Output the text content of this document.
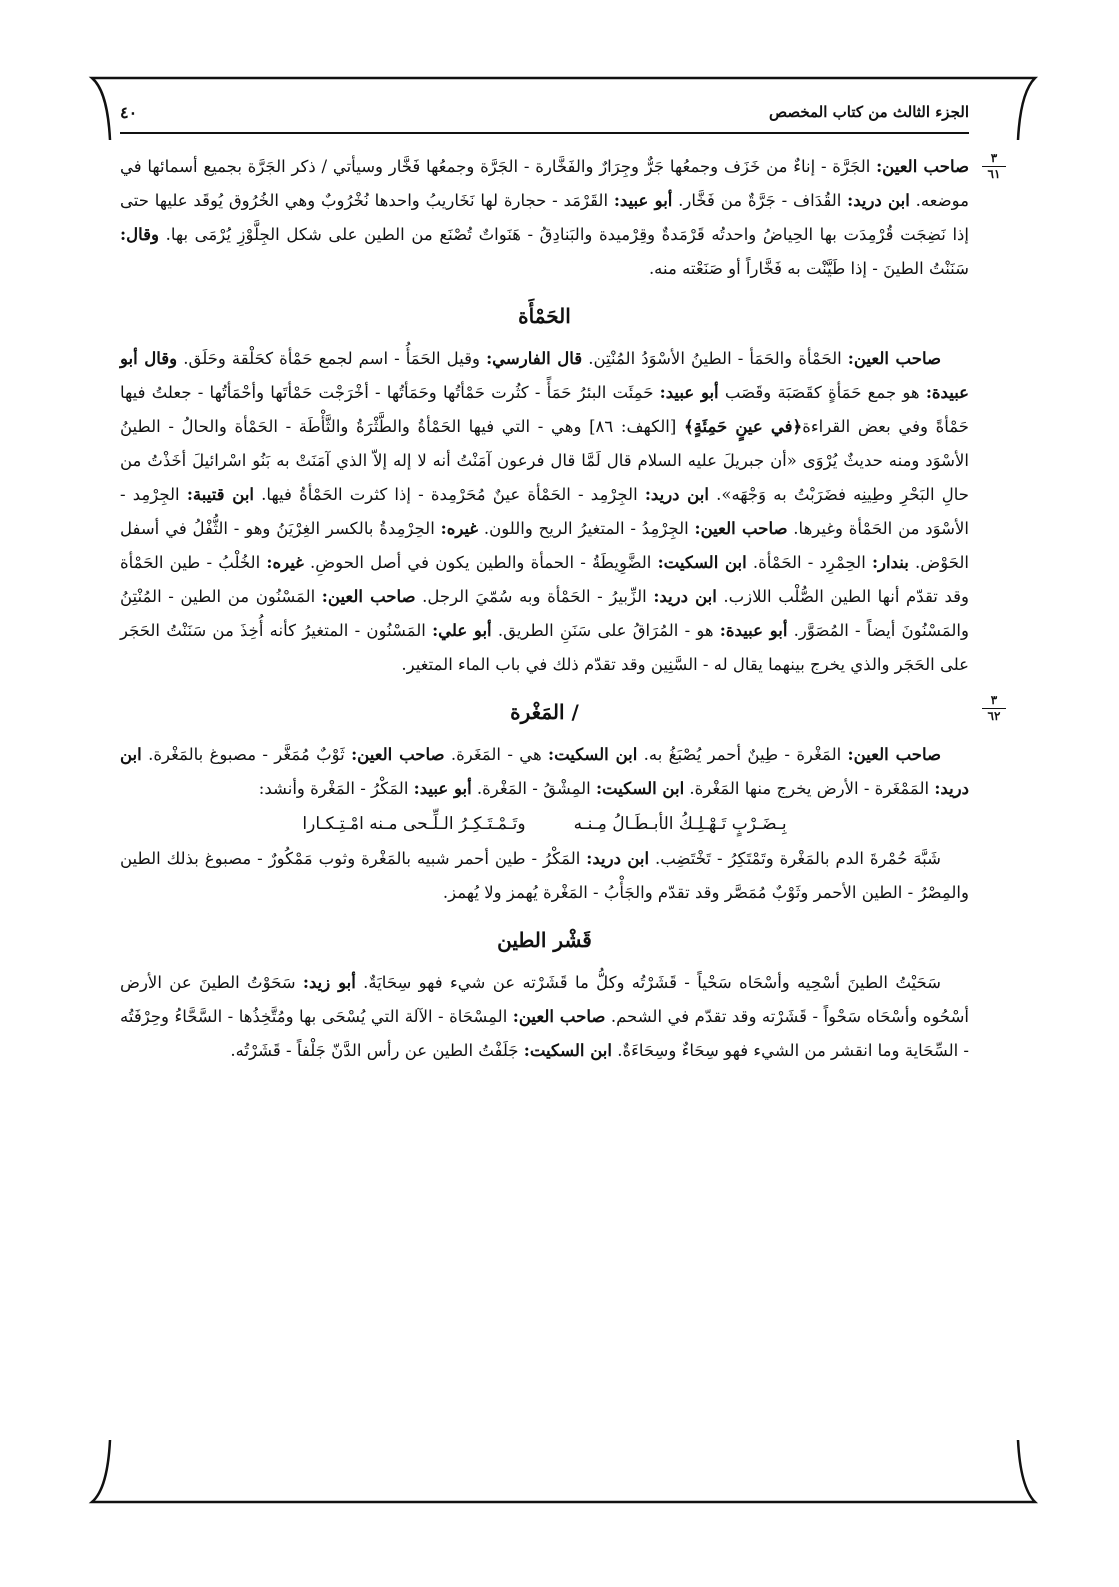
الجزء الثالث من كتاب المخصص
٤٠
٣
٦١

صاحب العين: الجَرَّة - إناءٌ من خَزَف وجمعُها جَرٌّ وجِرَارٌ والفَخَّارة - الجَرَّة وجمعُها فَخَّار وسيأتي / ذكر الجَرَّة بجميع أسمائها في موضعه. ابن دريد: القُدَاف - جَرَّةٌ من فَخَّار. أبو عبيد: القَرْمَد - حجارة لها نَخَاريبُ واحدها نُخْرُوبٌ وهي الخُرُوق يُوقَد عليها حتى إذا نَضِجَت قُرْمِدَت بها الحِياضُ واحدتُه قَرْمَدةٌ وقِرْميدة والبَنادِقُ - هَنَواتٌ تُصْنَع من الطين على شكل الجِلَّوْزِ يُرْمَى بها. وقال: سَنَنْتُ الطينَ - إذا طَيَّنْت به فَخَّاراً أو صَنَعْته منه.

الحَمْأَة

صاحب العين: الحَمْأة والحَمَأ - الطينُ الأسْوَدُ المُنْتِن. قال الفارسي: وقيل الحَمَأُ - اسم لجمع حَمْأة كحَلْقة وحَلَق. وقال أبو عبيدة: هو جمع حَمَأةٍ كقَصَبَة وقَصَب أبو عبيد: حَمِئَت البئرُ حَمَأً - كثُرت حَمْأتُها وحَمَأتُها - أخْرَجْت حَمْأتَها وأحْمَأتُها - جعلتُ فيها حَمْأةً وفي بعض القراءة﴿في عينٍ حَمِئَةٍ﴾ [الكهف: ٨٦] وهي - التي فيها الحَمْأةُ والطَّثْرَةُ والثَّأْطَة - الحَمْأة والحالُ - الطينُ الأسْوَد ومنه حديثٌ يُرْوَى «أن جبريلَ عليه السلام قال لَمَّا قال فرعون آمَنْتُ أنه لا إله إلاّ الذي آمَنَتْ به بَنُو اسْرائيلَ أخَذْتُ من حالِ البَحْرِ وطِينِه فضَرَبْتُ به وَجْهَه». ابن دريد: الجِرْمِد - الحَمْأة عينٌ مُحَرْمِدة - إذا كثرت الحَمْأةُ فيها. ابن قتيبة: الجِرْمِد - الأسْوَد من الحَمْأة وغيرها. صاحب العين: الجِرْمِدُ - المتغيرُ الريح واللون. غيره: الحِرْمِدةُ بالكسر الغِرْيَنُ وهو - الثُّفْلُ في أسفل الحَوْض. بندار: الحِمْرِد - الحَمْأة. ابن السكيت: الضَّوِيطَةُ - الحمأة والطين يكون في أصل الحوضِ. غيره: الخُلْبُ - طين الحَمْأة وقد تقدّم أنها الطين الصُّلْب اللازب. ابن دريد: الزِّبيرُ - الحَمْأة وبه سُمّيَ الرجل. صاحب العين: المَسْنُون من الطين - المُنْتِنُ والمَسْنُونَ أيضاً - المُصَوَّر. أبو عبيدة: هو - المُرَاقُ على سَنَنِ الطريق. أبو علي: المَسْنُون - المتغيرُ كأنه أُخِذَ من سَنَنْتُ الحَجَر على الحَجَر والذي يخرج بينهما يقال له - السَّنِين وقد تقدّم ذلك في باب الماء المتغير.

٣
٦٢
/ المَغْرة

صاحب العين: المَغْرة - طِينٌ أحمر يُصْبَغُ به. ابن السكيت: هي - المَغَرة. صاحب العين: ثَوْبٌ مُمَغَّر - مصبوغ بالمَغْرة. ابن دريد: المَمْغَرة - الأرض يخرج منها المَغْرة. ابن السكيت: المِشْقُ - المَغْرة. أبو عبيد: المَكْرُ - المَغْرة وأنشد:

بِـضَـرْبٍ تَـهْـلِـكُ الأبـطَـالُ مِـنـه
وتَـمْـتَـكِـرُ الـلِّـحى مـنه امْـتِـكـارا

شَبَّهَ حُمْرةَ الدم بالمَغْرة وتَمْتَكِرُ - تَخْتَضِب. ابن دريد: المَكْرُ - طين أحمر شبيه بالمَغْرة وثوب مَمْكُورٌ - مصبوغ بذلك الطين والمِصْرُ - الطين الأحمر وثَوْبٌ مُمَصَّر وقد تقدّم والجَأْبُ - المَغْرة يُهمز ولا يُهمز.

قَشْر الطين

سَحَيْتُ الطينَ أسْحِيه وأسْحَاه سَحْياً - قَشَرْتُه وكلُّ ما قَشَرْته عن شيء فهو سِحَايَةٌ. أبو زيد: سَحَوْتُ الطينَ عن الأرض أسْحُوه وأسْحَاه سَحْواً - قَشَرْته وقد تقدّم في الشحم. صاحب العين: المِسْحَاة - الآلة التي يُسْحَى بها ومُتَّخِذُها - السَّحَّاءُ وحِرْفَتُه - السِّحَاية وما انقشر من الشيء فهو سِحَاءٌ وسِحَاءَةٌ. ابن السكيت: جَلَفْتُ الطين عن رأس الدَّنّ جَلْفاً - قَشَرْتُه.
